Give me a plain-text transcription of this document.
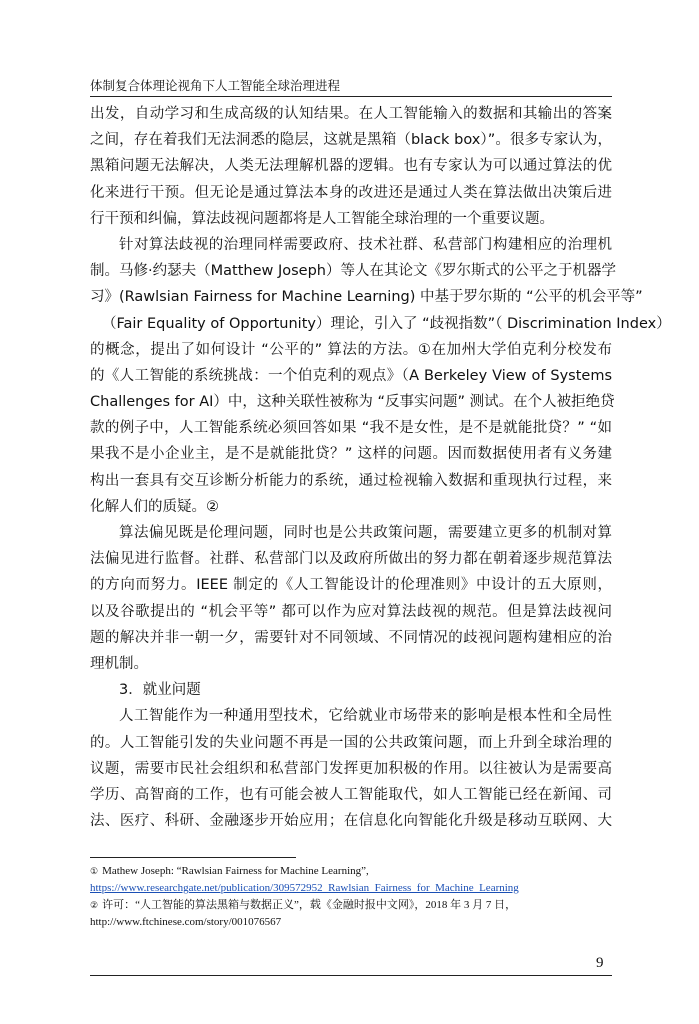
体制复合体理论视角下人工智能全球治理进程
出发，自动学习和生成高级的认知结果。在人工智能输入的数据和其输出的答案
之间，存在着我们无法洞悉的隐层，这就是黑箱（black box）”。很多专家认为，
黑箱问题无法解决，人类无法理解机器的逻辑。也有专家认为可以通过算法的优
化来进行干预。但无论是通过算法本身的改进还是通过人类在算法做出决策后进
行干预和纠偏，算法歧视问题都将是人工智能全球治理的一个重要议题。
针对算法歧视的治理同样需要政府、技术社群、私营部门构建相应的治理机
制。马修·约瑟夫（Matthew Joseph）等人在其论文《罗尔斯式的公平之于机器学
习》(Rawlsian Fairness for Machine Learning) 中基于罗尔斯的 “公平的机会平等”
（Fair Equality of Opportunity）理论，引入了 “歧视指数”（ Discrimination Index）
的概念，提出了如何设计 “公平的” 算法的方法。①在加州大学伯克利分校发布
的《人工智能的系统挑战：一个伯克利的观点》（A Berkeley View of Systems
Challenges for AI）中，这种关联性被称为 “反事实问题” 测试。在个人被拒绝贷
款的例子中，人工智能系统必须回答如果 “我不是女性，是不是就能批贷？” “如
果我不是小企业主，是不是就能批贷？” 这样的问题。因而数据使用者有义务建
构出一套具有交互诊断分析能力的系统，通过检视输入数据和重现执行过程，来
化解人们的质疑。②
算法偏见既是伦理问题，同时也是公共政策问题，需要建立更多的机制对算
法偏见进行监督。社群、私营部门以及政府所做出的努力都在朝着逐步规范算法
的方向而努力。IEEE 制定的《人工智能设计的伦理准则》中设计的五大原则，
以及谷歌提出的 “机会平等” 都可以作为应对算法歧视的规范。但是算法歧视问
题的解决并非一朝一夕，需要针对不同领域、不同情况的歧视问题构建相应的治
理机制。
3．就业问题
人工智能作为一种通用型技术，它给就业市场带来的影响是根本性和全局性
的。人工智能引发的失业问题不再是一国的公共政策问题，而上升到全球治理的
议题，需要市民社会组织和私营部门发挥更加积极的作用。以往被认为是需要高
学历、高智商的工作，也有可能会被人工智能取代，如人工智能已经在新闻、司
法、医疗、科研、金融逐步开始应用；在信息化向智能化升级是移动互联网、大
① Mathew Joseph: “Rawlsian Fairness for Machine Learning”,
https://www.researchgate.net/publication/309572952_Rawlsian_Fairness_for_Machine_Learning
② 许可：“人工智能的算法黑箱与数据正义”，载《金融时报中文网》，2018 年 3 月 7 日，
http://www.ftchinese.com/story/001076567
9
